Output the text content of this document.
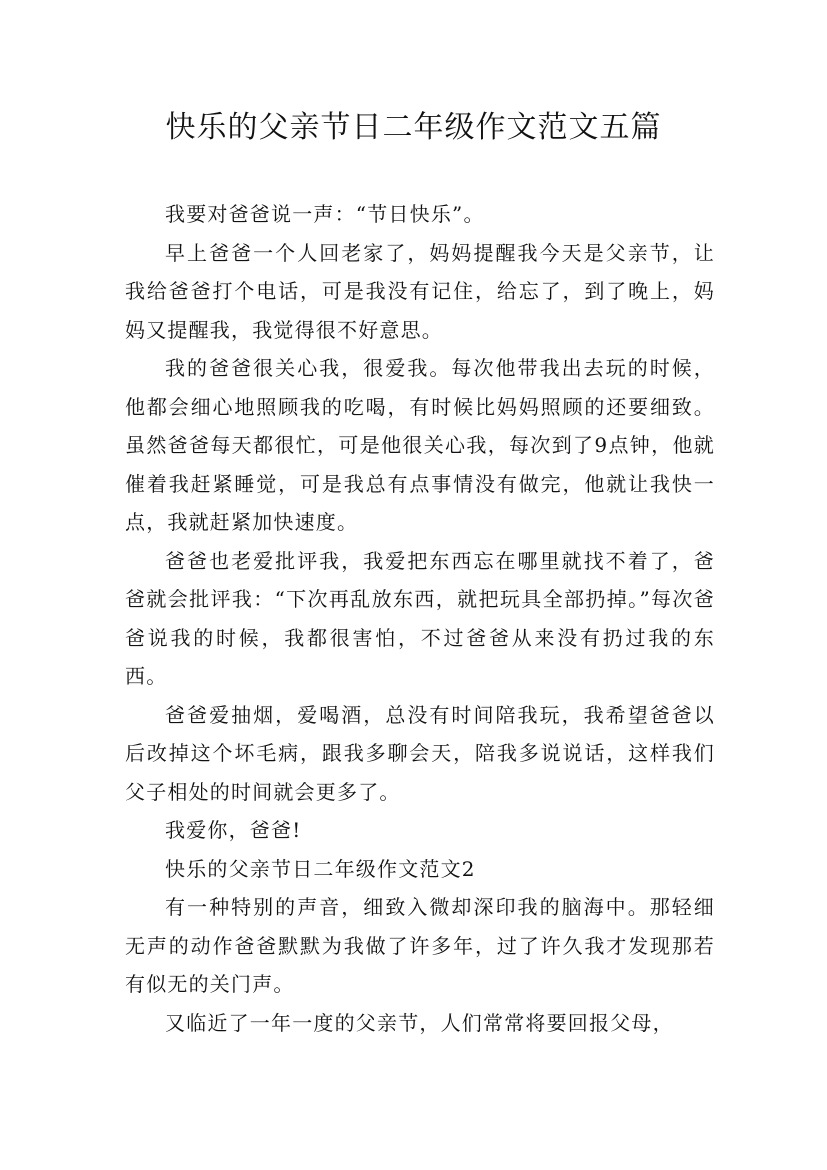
快乐的父亲节日二年级作文范文五篇

我要对爸爸说一声：“节日快乐”。

早上爸爸一个人回老家了，妈妈提醒我今天是父亲节，让我给爸爸打个电话，可是我没有记住，给忘了，到了晚上，妈妈又提醒我，我觉得很不好意思。

我的爸爸很关心我，很爱我。每次他带我出去玩的时候，他都会细心地照顾我的吃喝，有时候比妈妈照顾的还要细致。虽然爸爸每天都很忙，可是他很关心我，每次到了9点钟，他就催着我赶紧睡觉，可是我总有点事情没有做完，他就让我快一点，我就赶紧加快速度。

爸爸也老爱批评我，我爱把东西忘在哪里就找不着了，爸爸就会批评我：“下次再乱放东西，就把玩具全部扔掉。”每次爸爸说我的时候，我都很害怕，不过爸爸从来没有扔过我的东西。

爸爸爱抽烟，爱喝酒，总没有时间陪我玩，我希望爸爸以后改掉这个坏毛病，跟我多聊会天，陪我多说说话，这样我们父子相处的时间就会更多了。

我爱你，爸爸!

快乐的父亲节日二年级作文范文2

有一种特别的声音，细致入微却深印我的脑海中。那轻细无声的动作爸爸默默为我做了许多年，过了许久我才发现那若有似无的关门声。

又临近了一年一度的父亲节，人们常常将要回报父母，
